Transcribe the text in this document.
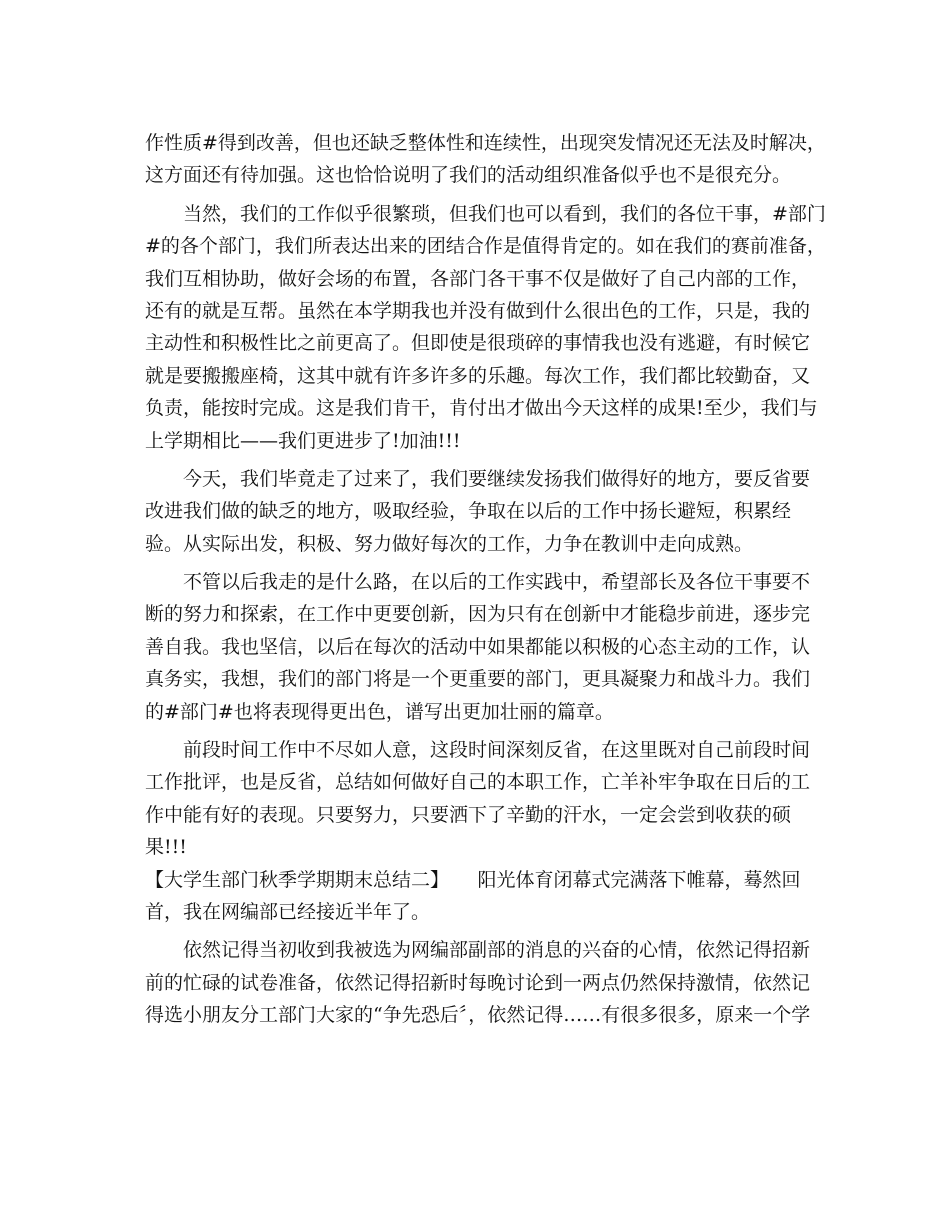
作性质#得到改善，但也还缺乏整体性和连续性，出现突发情况还无法及时解决，
这方面还有待加强。这也恰恰说明了我们的活动组织准备似乎也不是很充分。
当然，我们的工作似乎很繁琐，但我们也可以看到，我们的各位干事，#部门
#的各个部门，我们所表达出来的团结合作是值得肯定的。如在我们的赛前准备，
我们互相协助，做好会场的布置，各部门各干事不仅是做好了自己内部的工作，
还有的就是互帮。虽然在本学期我也并没有做到什么很出色的工作，只是，我的
主动性和积极性比之前更高了。但即使是很琐碎的事情我也没有逃避，有时候它
就是要搬搬座椅，这其中就有许多许多的乐趣。每次工作，我们都比较勤奋，又
负责，能按时完成。这是我们肯干，肯付出才做出今天这样的成果!至少，我们与
上学期相比——我们更进步了!加油!!!
今天，我们毕竟走了过来了，我们要继续发扬我们做得好的地方，要反省要
改进我们做的缺乏的地方，吸取经验，争取在以后的工作中扬长避短，积累经
验。从实际出发，积极、努力做好每次的工作，力争在教训中走向成熟。
不管以后我走的是什么路，在以后的工作实践中，希望部长及各位干事要不
断的努力和探索，在工作中更要创新，因为只有在创新中才能稳步前进，逐步完
善自我。我也坚信，以后在每次的活动中如果都能以积极的心态主动的工作，认
真务实，我想，我们的部门将是一个更重要的部门，更具凝聚力和战斗力。我们
的#部门#也将表现得更出色，谱写出更加壮丽的篇章。
前段时间工作中不尽如人意，这段时间深刻反省，在这里既对自己前段时间
工作批评，也是反省，总结如何做好自己的本职工作，亡羊补牢争取在日后的工
作中能有好的表现。只要努力，只要洒下了辛勤的汗水，一定会尝到收获的硕
果!!!
【大学生部门秋季学期期末总结二】　　阳光体育闭幕式完满落下帷幕，蓦然回
首，我在网编部已经接近半年了。
依然记得当初收到我被选为网编部副部的消息的兴奋的心情，依然记得招新
前的忙碌的试卷准备，依然记得招新时每晚讨论到一两点仍然保持激情，依然记
得选小朋友分工部门大家的“争先恐后〞，依然记得……有很多很多，原来一个学
